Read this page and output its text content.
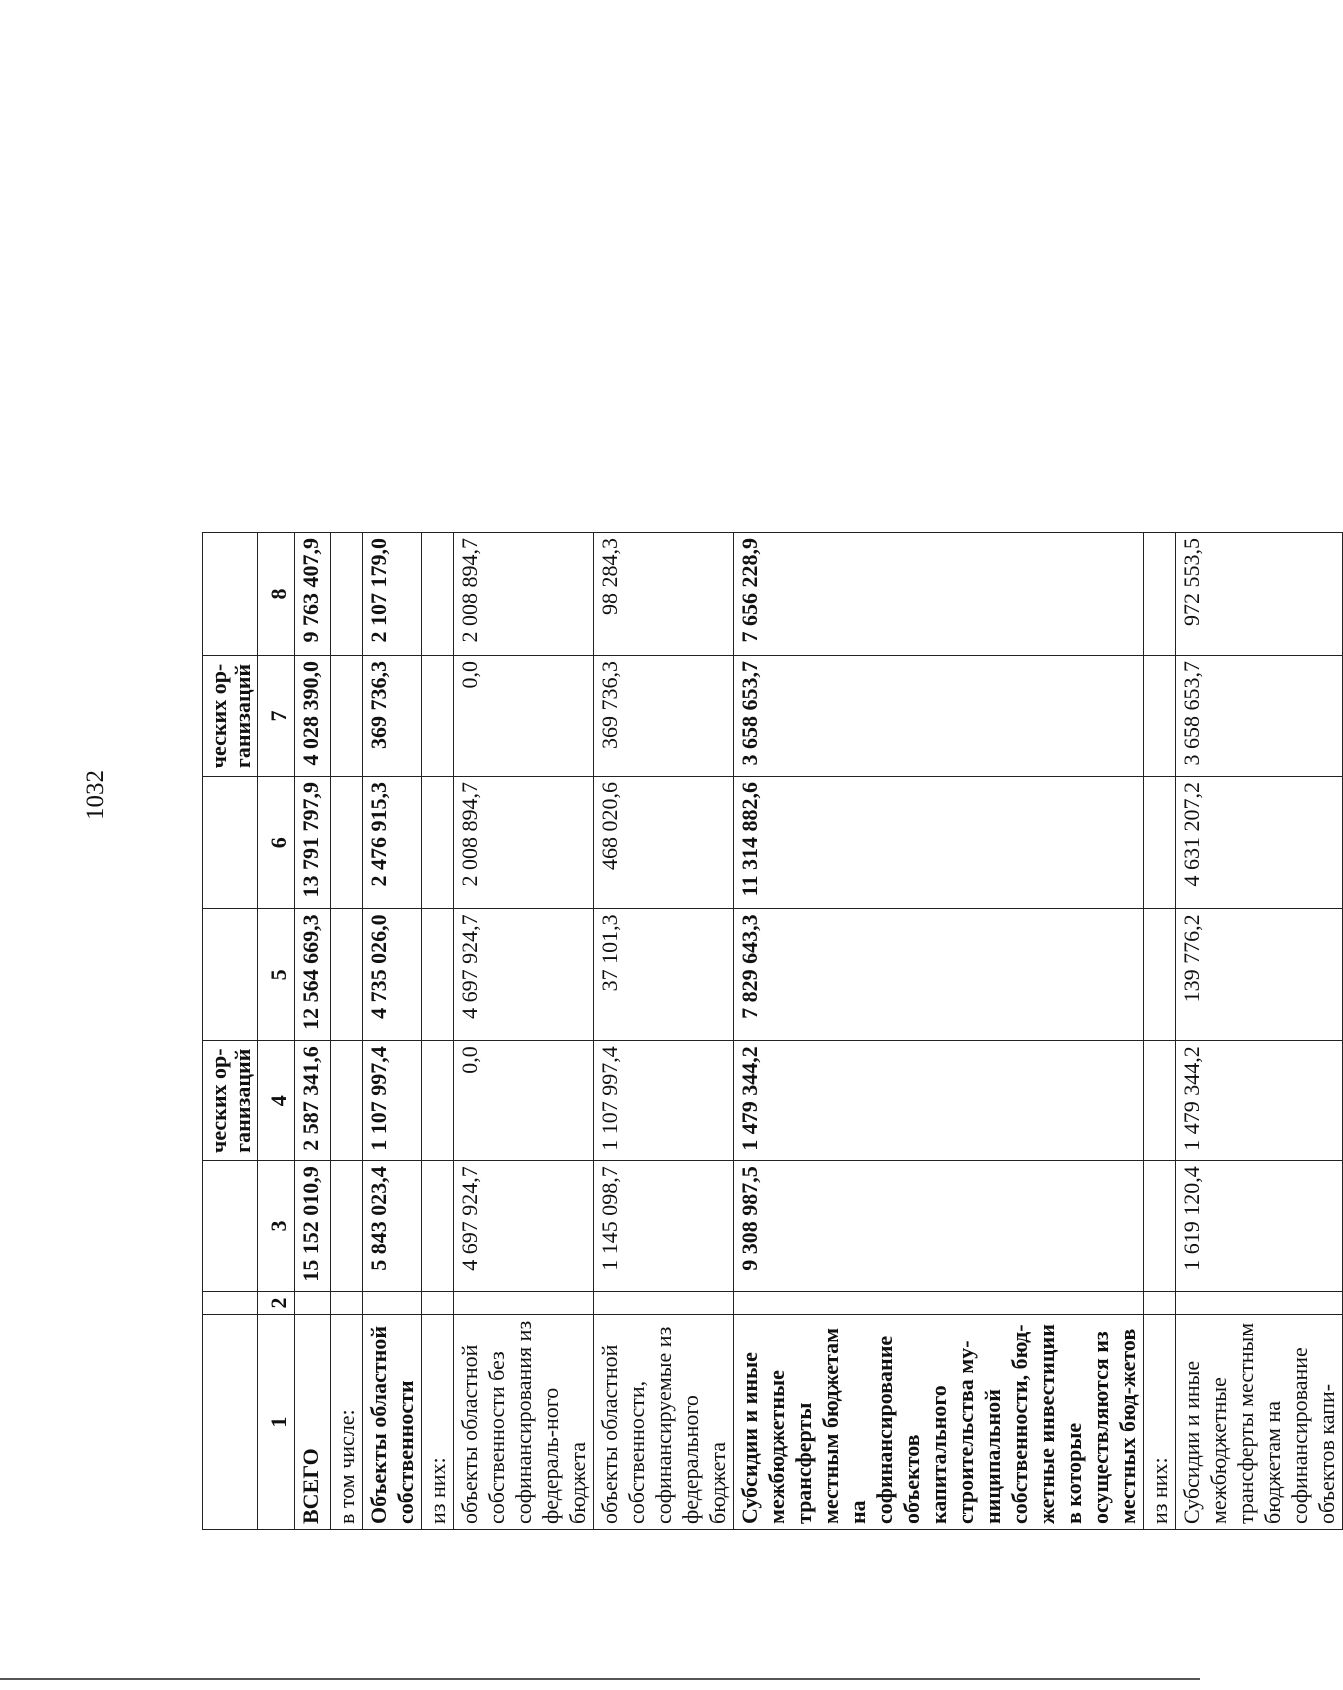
1032
			ческих ор-
ганизаций			ческих ор-
ганизаций	
1	2	3	4	5	6	7	8
ВСЕГО		15 152 010,9	2 587 341,6	12 564 669,3	13 791 797,9	4 028 390,0	9 763 407,9
в том числе:							
Объекты областной собственности		5 843 023,4	1 107 997,4	4 735 026,0	2 476 915,3	369 736,3	2 107 179,0
из них:							
объекты областной собственности без софинансирования из федераль-ного бюджета		4 697 924,7	0,0	4 697 924,7	2 008 894,7	0,0	2 008 894,7
объекты областной собственности, софинансируемые из федерального бюджета		1 145 098,7	1 107 997,4	37 101,3	468 020,6	369 736,3	98 284,3
Субсидии и иные межбюджетные трансферты местным бюджетам на софинансирование объектов капитального строительства му-ниципальной собственности, бюд-жетные инвестиции в которые осуществляются из местных бюд-жетов		9 308 987,5	1 479 344,2	7 829 643,3	11 314 882,6	3 658 653,7	7 656 228,9
из них:							
Субсидии и иные межбюджетные трансферты местным бюджетам на софинансирование объектов капи-		1 619 120,4	1 479 344,2	139 776,2	4 631 207,2	3 658 653,7	972 553,5
